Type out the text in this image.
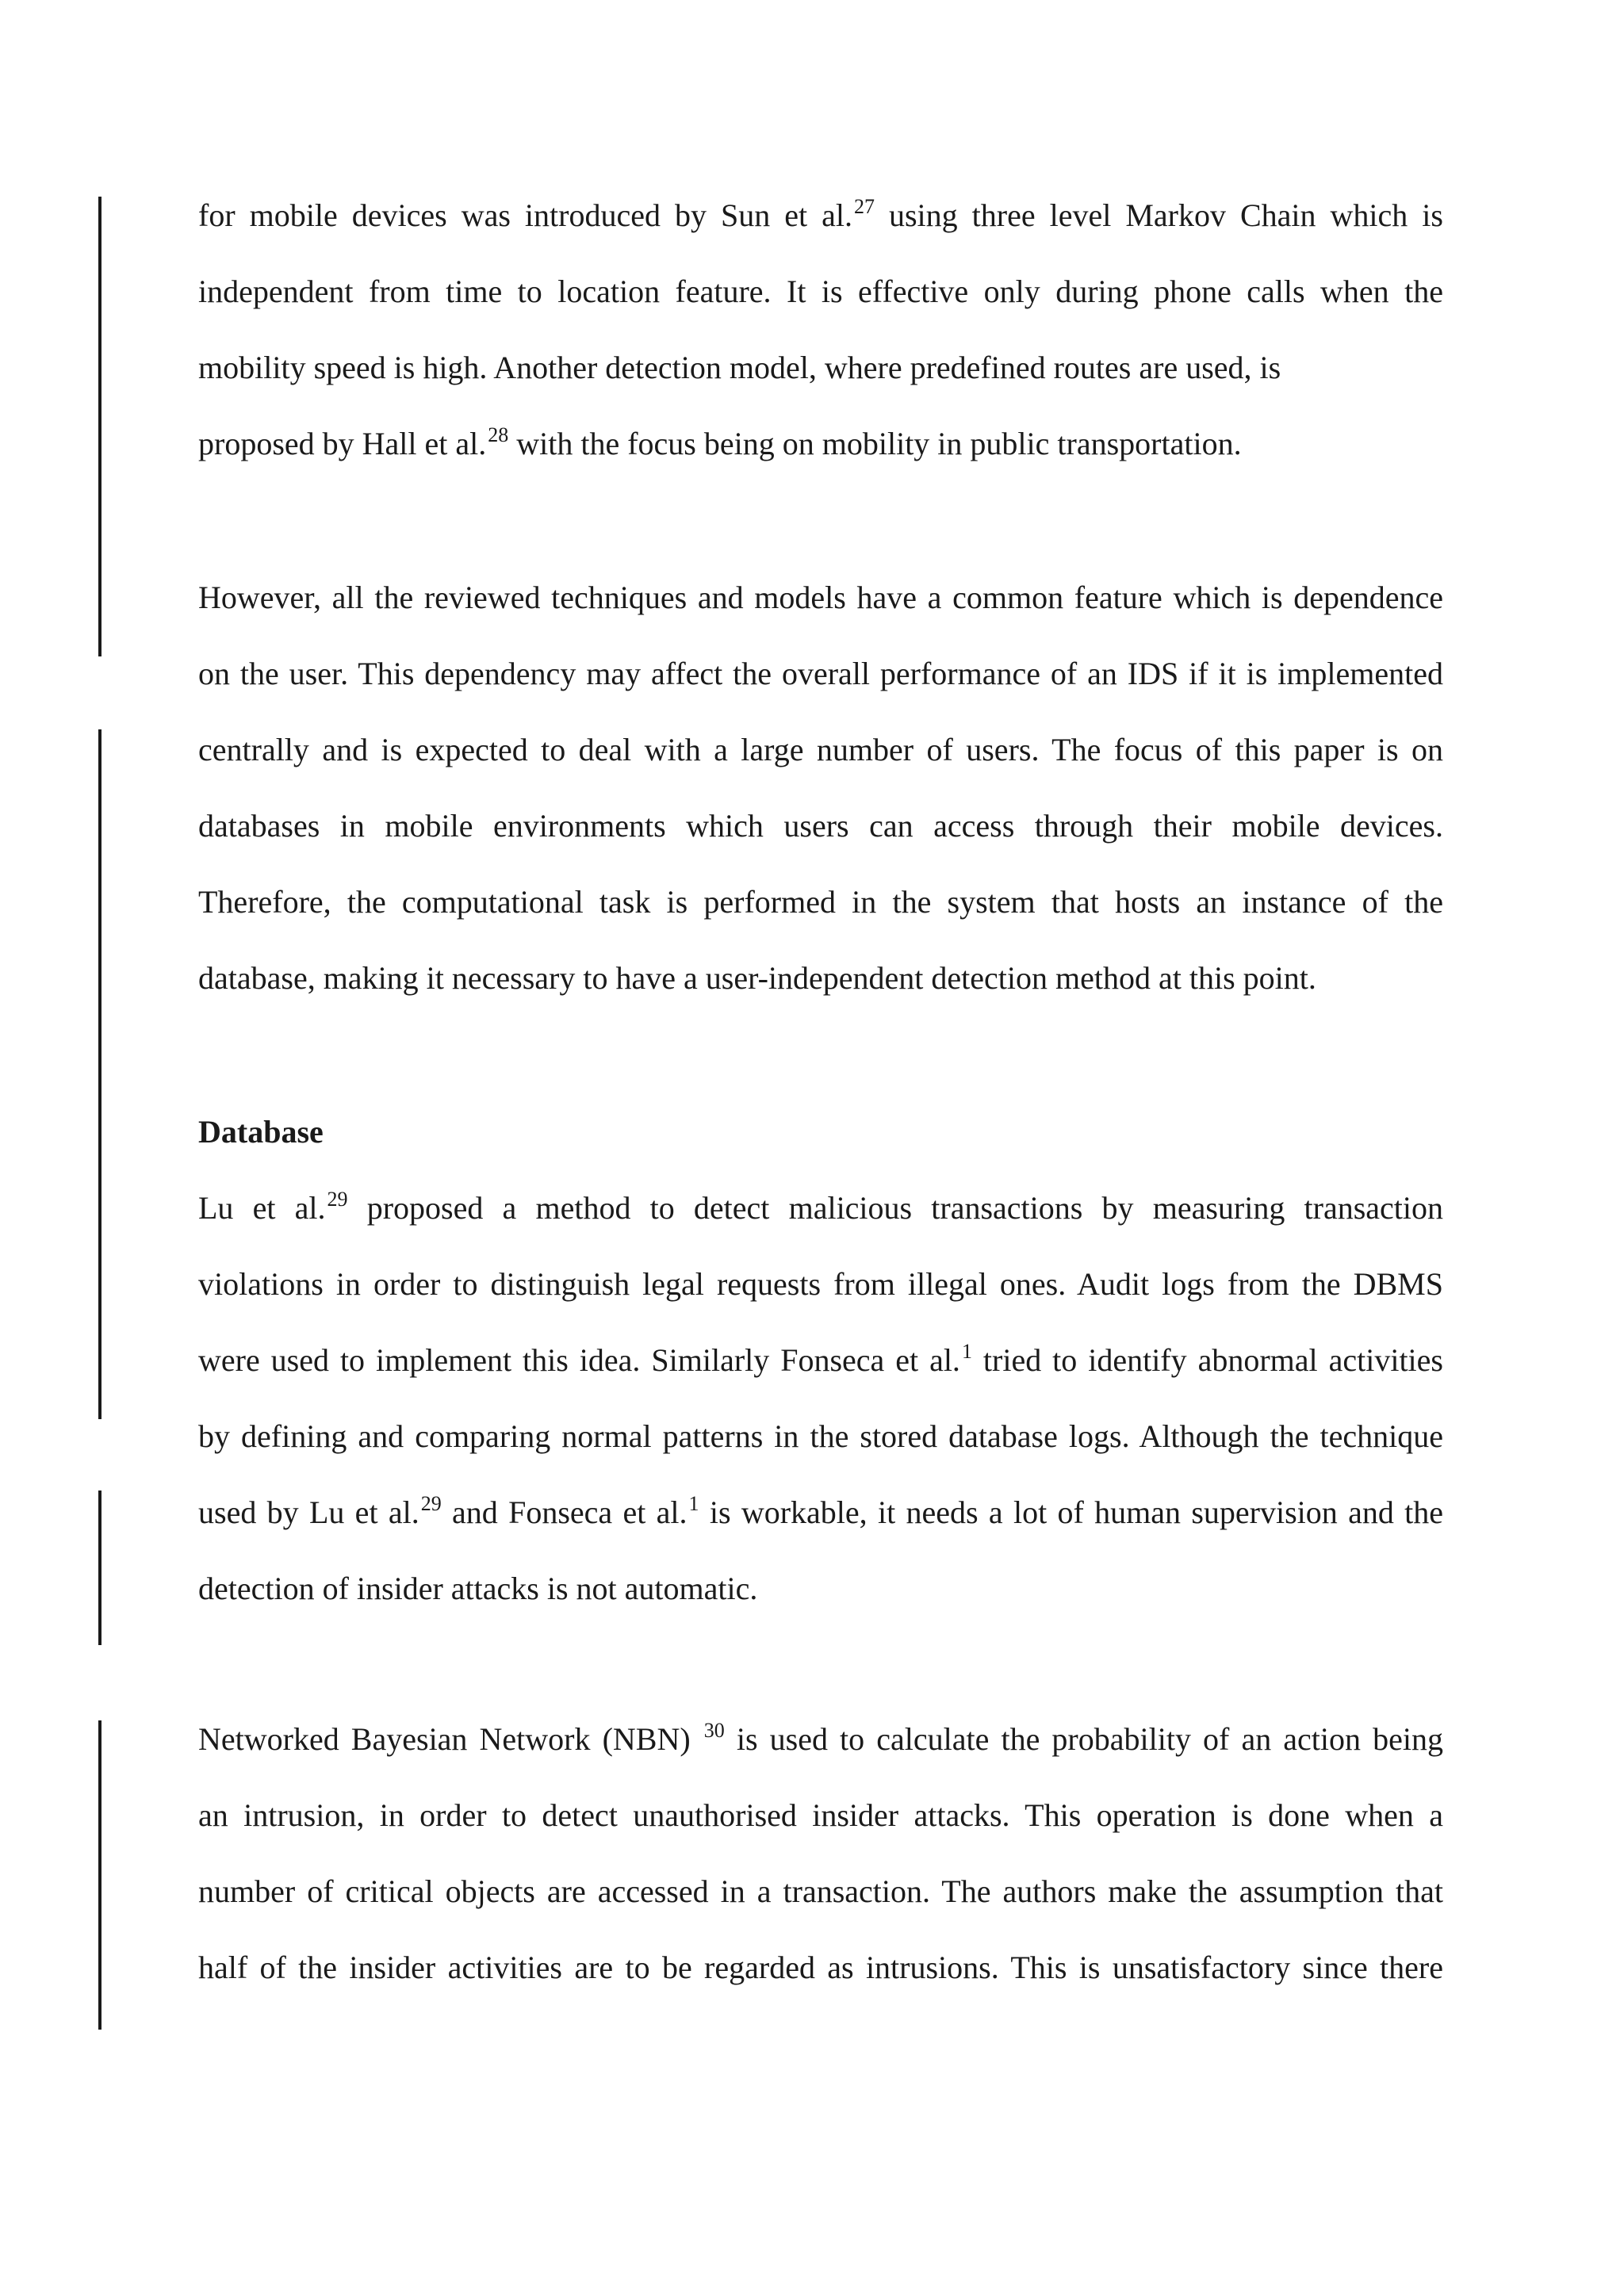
for mobile devices was introduced by Sun et al.$^{27}$ using three level Markov Chain which is
independent from time to location feature. It is effective only during phone calls when the
mobility speed is high. Another detection model, where predefined routes are used, is
proposed by Hall et al.$^{28}$ with the focus being on mobility in public transportation.
However, all the reviewed techniques and models have a common feature which is dependence
on the user. This dependency may affect the overall performance of an IDS if it is implemented
centrally and is expected to deal with a large number of users. The focus of this paper is on
databases in mobile environments which users can access through their mobile devices.
Therefore, the computational task is performed in the system that hosts an instance of the
database, making it necessary to have a user-independent detection method at this point.
Database
Lu et al.$^{29}$ proposed a method to detect malicious transactions by measuring transaction
violations in order to distinguish legal requests from illegal ones. Audit logs from the DBMS
were used to implement this idea. Similarly Fonseca et al.$^1$ tried to identify abnormal activities
by defining and comparing normal patterns in the stored database logs. Although the technique
used by Lu et al.$^{29}$ and Fonseca et al.$^1$ is workable, it needs a lot of human supervision and the
detection of insider attacks is not automatic.
Networked Bayesian Network (NBN) $^{30}$ is used to calculate the probability of an action being
an intrusion, in order to detect unauthorised insider attacks. This operation is done when a
number of critical objects are accessed in a transaction. The authors make the assumption that
half of the insider activities are to be regarded as intrusions. This is unsatisfactory since there
